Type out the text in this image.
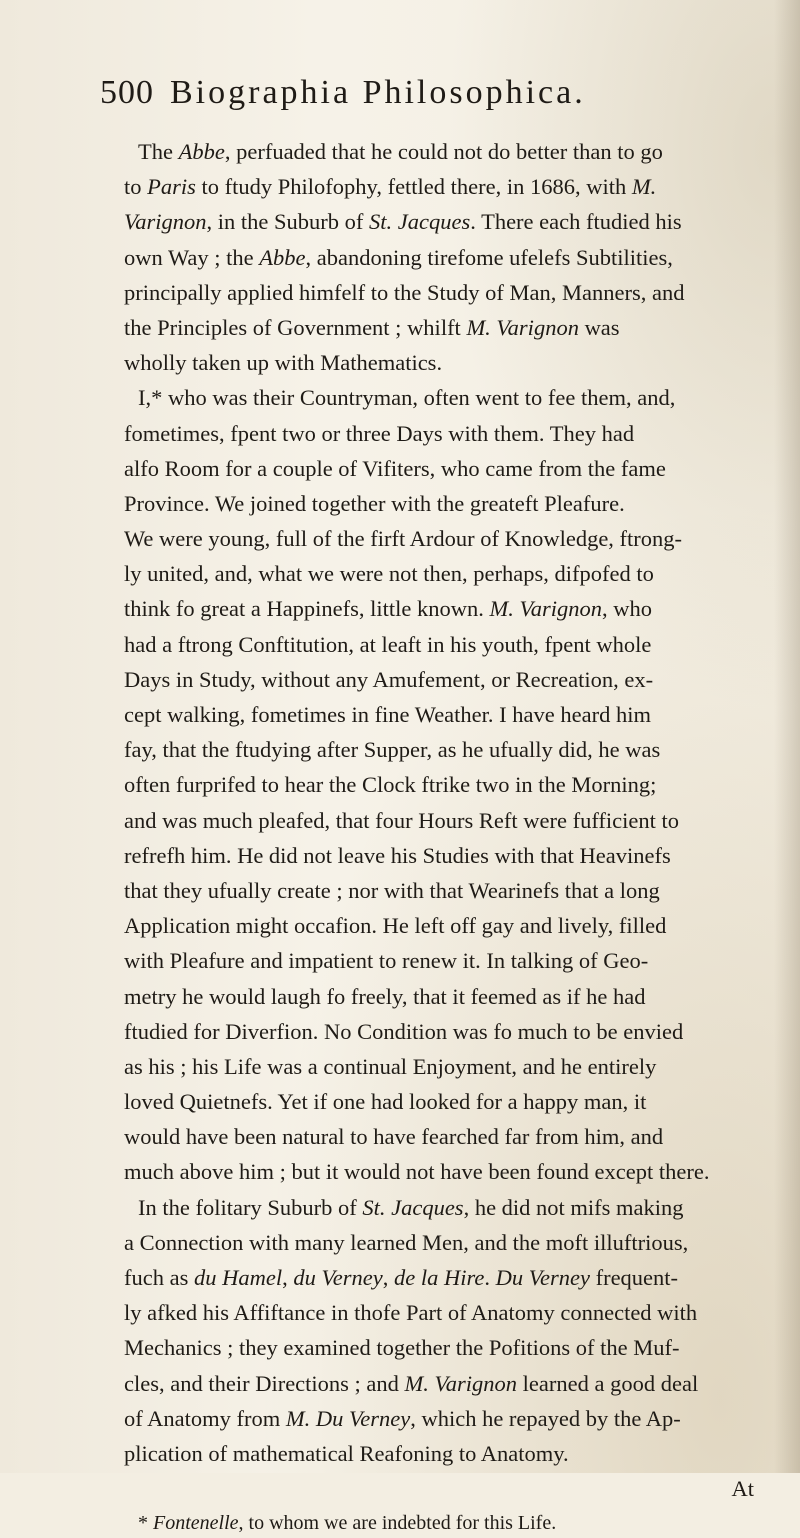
500 Biographia Philosophica.
The Abbe, perfuaded that he could not do better than to go
to Paris to ftudy Philofophy, fettled there, in 1686, with M.
Varignon, in the Suburb of St. Jacques. There each ftudied his
own Way ; the Abbe, abandoning tirefome ufelefs Subtilities,
principally applied himfelf to the Study of Man, Manners, and
the Principles of Government ; whilft M. Varignon was
wholly taken up with Mathematics.
I,* who was their Countryman, often went to fee them, and,
fometimes, fpent two or three Days with them. They had
alfo Room for a couple of Vifiters, who came from the fame
Province. We joined together with the greateft Pleafure.
We were young, full of the firft Ardour of Knowledge, ftrong-
ly united, and, what we were not then, perhaps, difpofed to
think fo great a Happinefs, little known. M. Varignon, who
had a ftrong Conftitution, at leaft in his youth, fpent whole
Days in Study, without any Amufement, or Recreation, ex-
cept walking, fometimes in fine Weather. I have heard him
fay, that the ftudying after Supper, as he ufually did, he was
often furprifed to hear the Clock ftrike two in the Morning;
and was much pleafed, that four Hours Reft were fufficient to
refrefh him. He did not leave his Studies with that Heavinefs
that they ufually create ; nor with that Wearinefs that a long
Application might occafion. He left off gay and lively, filled
with Pleafure and impatient to renew it. In talking of Geo-
metry he would laugh fo freely, that it feemed as if he had
ftudied for Diverfion. No Condition was fo much to be envied
as his ; his Life was a continual Enjoyment, and he entirely
loved Quietnefs. Yet if one had looked for a happy man, it
would have been natural to have fearched far from him, and
much above him ; but it would not have been found except there.
In the folitary Suburb of St. Jacques, he did not mifs making
a Connection with many learned Men, and the moft illuftrious,
fuch as du Hamel, du Verney, de la Hire. Du Verney frequent-
ly afked his Affiftance in thofe Part of Anatomy connected with
Mechanics ; they examined together the Pofitions of the Muf-
cles, and their Directions ; and M. Varignon learned a good deal
of Anatomy from M. Du Verney, which he repayed by the Ap-
plication of mathematical Reafoning to Anatomy.
At
* Fontenelle, to whom we are indebted for this Life.
